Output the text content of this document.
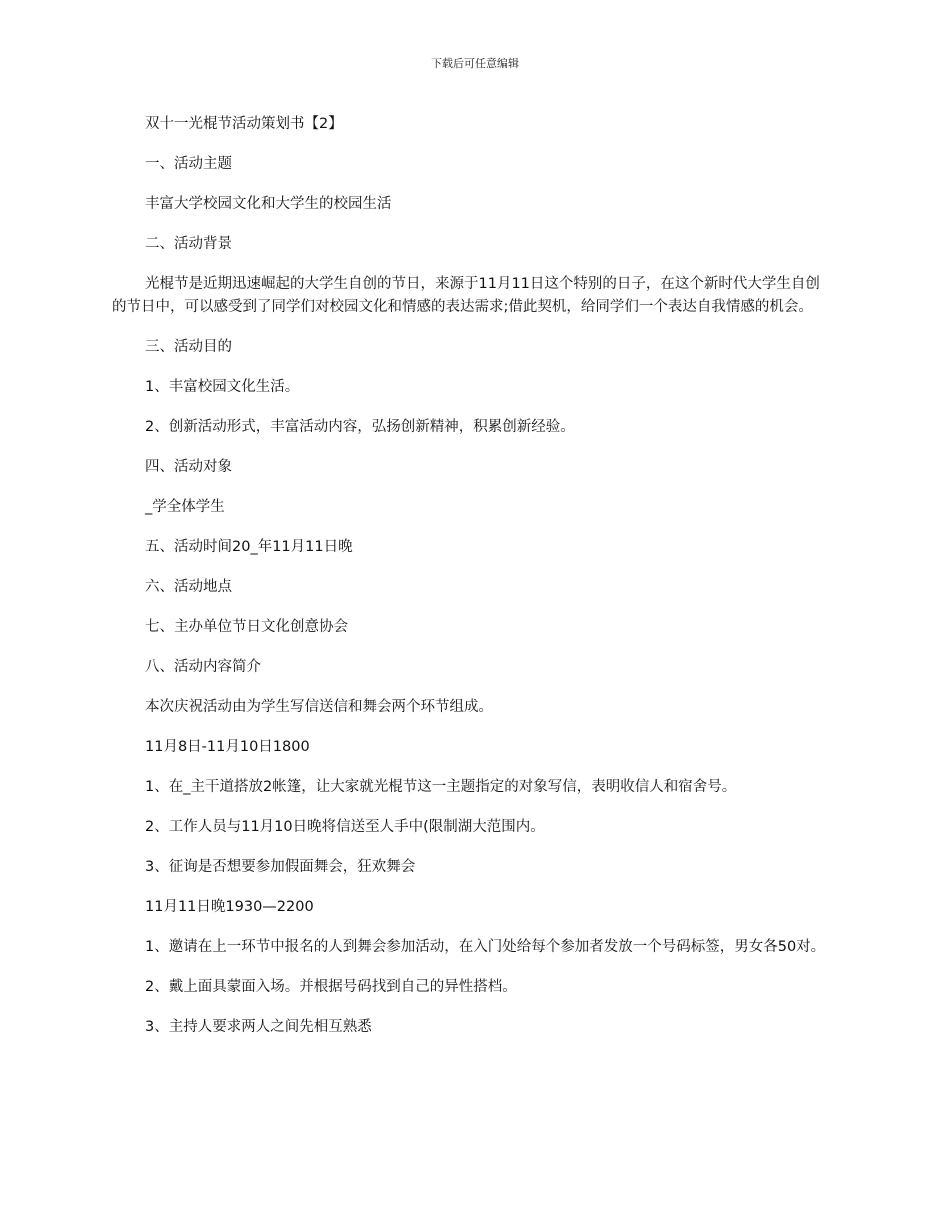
下载后可任意编辑

双十一光棍节活动策划书【2】

一、活动主题

丰富大学校园文化和大学生的校园生活

二、活动背景

光棍节是近期迅速崛起的大学生自创的节日，来源于11月11日这个特别的日子，在这个新时代大学生自创的节日中，可以感受到了同学们对校园文化和情感的表达需求;借此契机，给同学们一个表达自我情感的机会。

三、活动目的

1、丰富校园文化生活。

2、创新活动形式，丰富活动内容，弘扬创新精神，积累创新经验。

四、活动对象

_学全体学生

五、活动时间20_年11月11日晚

六、活动地点

七、主办单位节日文化创意协会

八、活动内容简介

本次庆祝活动由为学生写信送信和舞会两个环节组成。

11月8日-11月10日1800

1、在_主干道搭放2帐篷，让大家就光棍节这一主题指定的对象写信，表明收信人和宿舍号。

2、工作人员与11月10日晚将信送至人手中(限制湖大范围内。

3、征询是否想要参加假面舞会，狂欢舞会

11月11日晚1930—2200

1、邀请在上一环节中报名的人到舞会参加活动，在入门处给每个参加者发放一个号码标签，男女各50对。

2、戴上面具蒙面入场。并根据号码找到自己的异性搭档。

3、主持人要求两人之间先相互熟悉
